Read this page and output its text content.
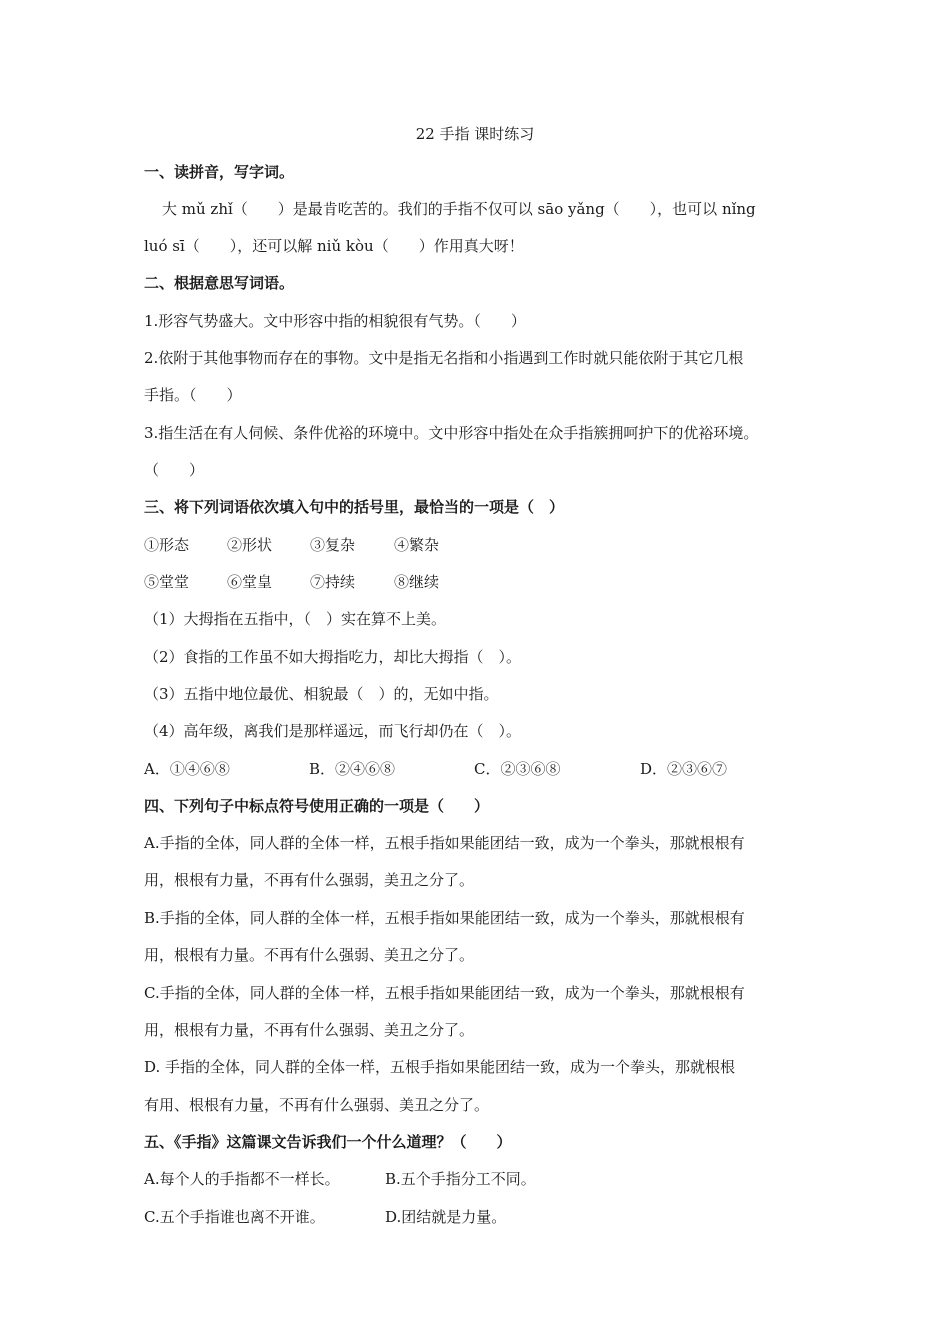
22 手指 课时练习
一、读拼音，写字词。
大 mǔ zhǐ（　　）是最肯吃苦的。我们的手指不仅可以 sāo yǎng（　　），也可以 nǐng
luó sī（　　），还可以解 niǔ kòu（　　）作用真大呀！
二、根据意思写词语。
1.形容气势盛大。文中形容中指的相貌很有气势。（　　）
2.依附于其他事物而存在的事物。文中是指无名指和小指遇到工作时就只能依附于其它几根
手指。（　　）
3.指生活在有人伺候、条件优裕的环境中。文中形容中指处在众手指簇拥呵护下的优裕环境。
（　　）
三、将下列词语依次填入句中的括号里，最恰当的一项是（　）
①形态	②形状	③复杂	④繁杂
⑤堂堂	⑥堂皇	⑦持续	⑧继续
（1）大拇指在五指中，（　）实在算不上美。
（2）食指的工作虽不如大拇指吃力，却比大拇指（　）。
（3）五指中地位最优、相貌最（　）的，无如中指。
（4）高年级，离我们是那样遥远，而飞行却仍在（　）。
A．①④⑥⑧	B．②④⑥⑧	C．②③⑥⑧	D．②③⑥⑦
四、下列句子中标点符号使用正确的一项是（　　）
A.手指的全体，同人群的全体一样，五根手指如果能团结一致，成为一个拳头，那就根根有
用，根根有力量，不再有什么强弱，美丑之分了。
B.手指的全体，同人群的全体一样，五根手指如果能团结一致，成为一个拳头，那就根根有
用，根根有力量。不再有什么强弱、美丑之分了。
C.手指的全体，同人群的全体一样，五根手指如果能团结一致，成为一个拳头，那就根根有
用，根根有力量，不再有什么强弱、美丑之分了。
D. 手指的全体，同人群的全体一样，五根手指如果能团结一致，成为一个拳头，那就根根
有用、根根有力量，不再有什么强弱、美丑之分了。
五、《手指》这篇课文告诉我们一个什么道理？（　　）
A.每个人的手指都不一样长。	B.五个手指分工不同。
C.五个手指谁也离不开谁。	D.团结就是力量。
